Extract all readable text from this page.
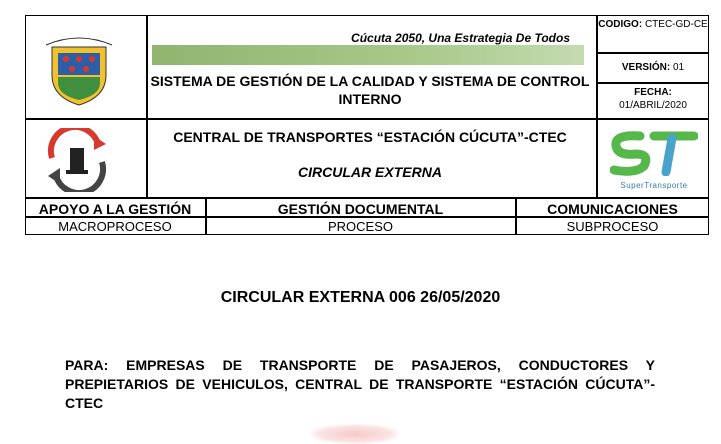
Cúcuta 2050, Una Estrategia De Todos
SISTEMA DE GESTIÓN DE LA CALIDAD Y SISTEMA DE CONTROL INTERNO
CENTRAL DE TRANSPORTES “ESTACIÓN CÚCUTA”-CTEC
CIRCULAR EXTERNA
CODIGO: CTEC-GD-CE
VERSIÓN: 01
FECHA:
01/ABRIL/2020
SuperTransporte
APOYO A LA GESTIÓN	GESTIÓN DOCUMENTAL	COMUNICACIONES
MACROPROCESO	PROCESO	SUBPROCESO
CIRCULAR EXTERNA 006 26/05/2020
PARA: EMPRESAS DE TRANSPORTE DE PASAJEROS, CONDUCTORES Y PREPIETARIOS DE VEHICULOS, CENTRAL DE TRANSPORTE “ESTACIÓN CÚCUTA”-CTEC
